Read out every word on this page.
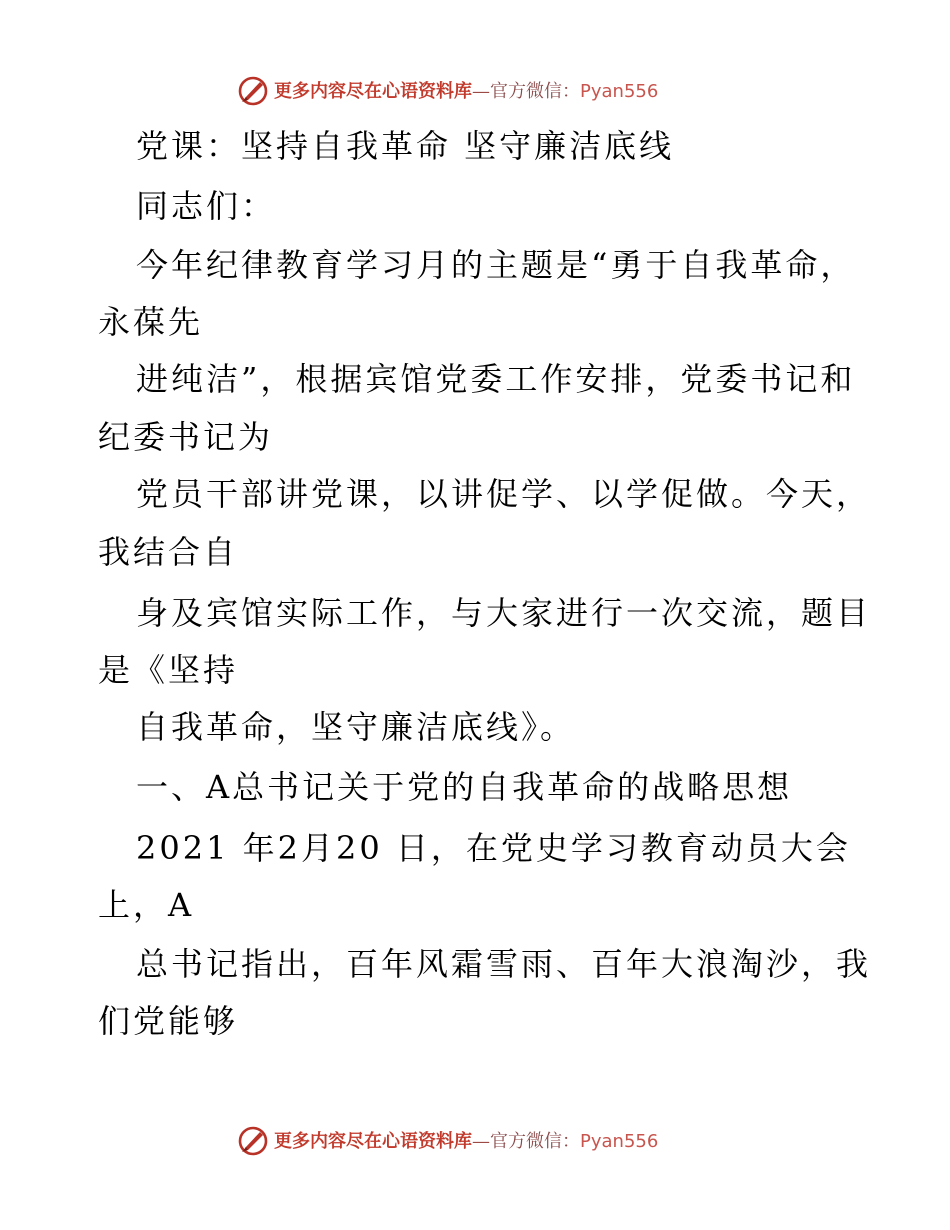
更多内容尽在心语资料库—官方微信：Pyan556
党课：坚持自我革命 坚守廉洁底线
同志们：
今年纪律教育学习月的主题是“勇于自我革命，
永葆先
进纯洁”，根据宾馆党委工作安排，党委书记和
纪委书记为
党员干部讲党课，以讲促学、以学促做。今天，
我结合自
身及宾馆实际工作，与大家进行一次交流，题目
是《坚持
自我革命，坚守廉洁底线》。
一、A总书记关于党的自我革命的战略思想
2021 年2月20 日，在党史学习教育动员大会
上，A
总书记指出，百年风霜雪雨、百年大浪淘沙，我
们党能够
更多内容尽在心语资料库—官方微信：Pyan556
